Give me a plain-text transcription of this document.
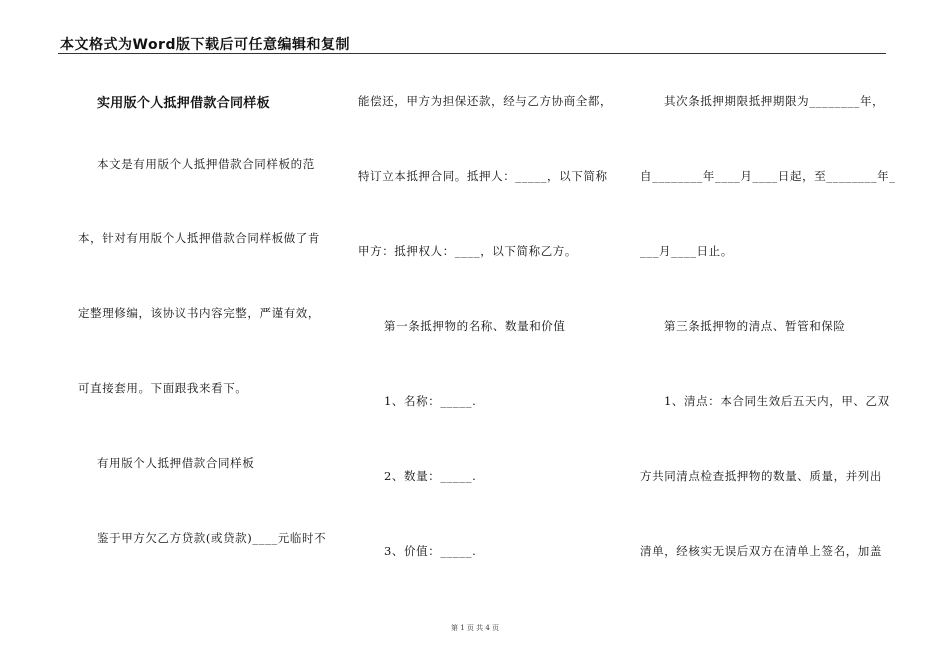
本文格式为Word版下载后可任意编辑和复制
实用版个人抵押借款合同样板
本文是有用版个人抵押借款合同样板的范
本，针对有用版个人抵押借款合同样板做了肯
定整理修编，该协议书内容完整，严谨有效，
可直接套用。下面跟我来看下。
有用版个人抵押借款合同样板
鉴于甲方欠乙方贷款(或贷款)____元临时不
能偿还，甲方为担保还款，经与乙方协商全都，
特订立本抵押合同。抵押人：_____，以下简称
甲方：抵押权人：____，以下简称乙方。
第一条抵押物的名称、数量和价值
1、名称：_____.
2、数量：_____.
3、价值：_____.
其次条抵押期限抵押期限为________年，
自________年____月____日起，至________年_
___月____日止。
第三条抵押物的清点、暂管和保险
1、清点：本合同生效后五天内，甲、乙双
方共同清点检查抵押物的数量、质量，并列出
清单，经核实无误后双方在清单上签名，加盖
第 1 页 共 4 页
